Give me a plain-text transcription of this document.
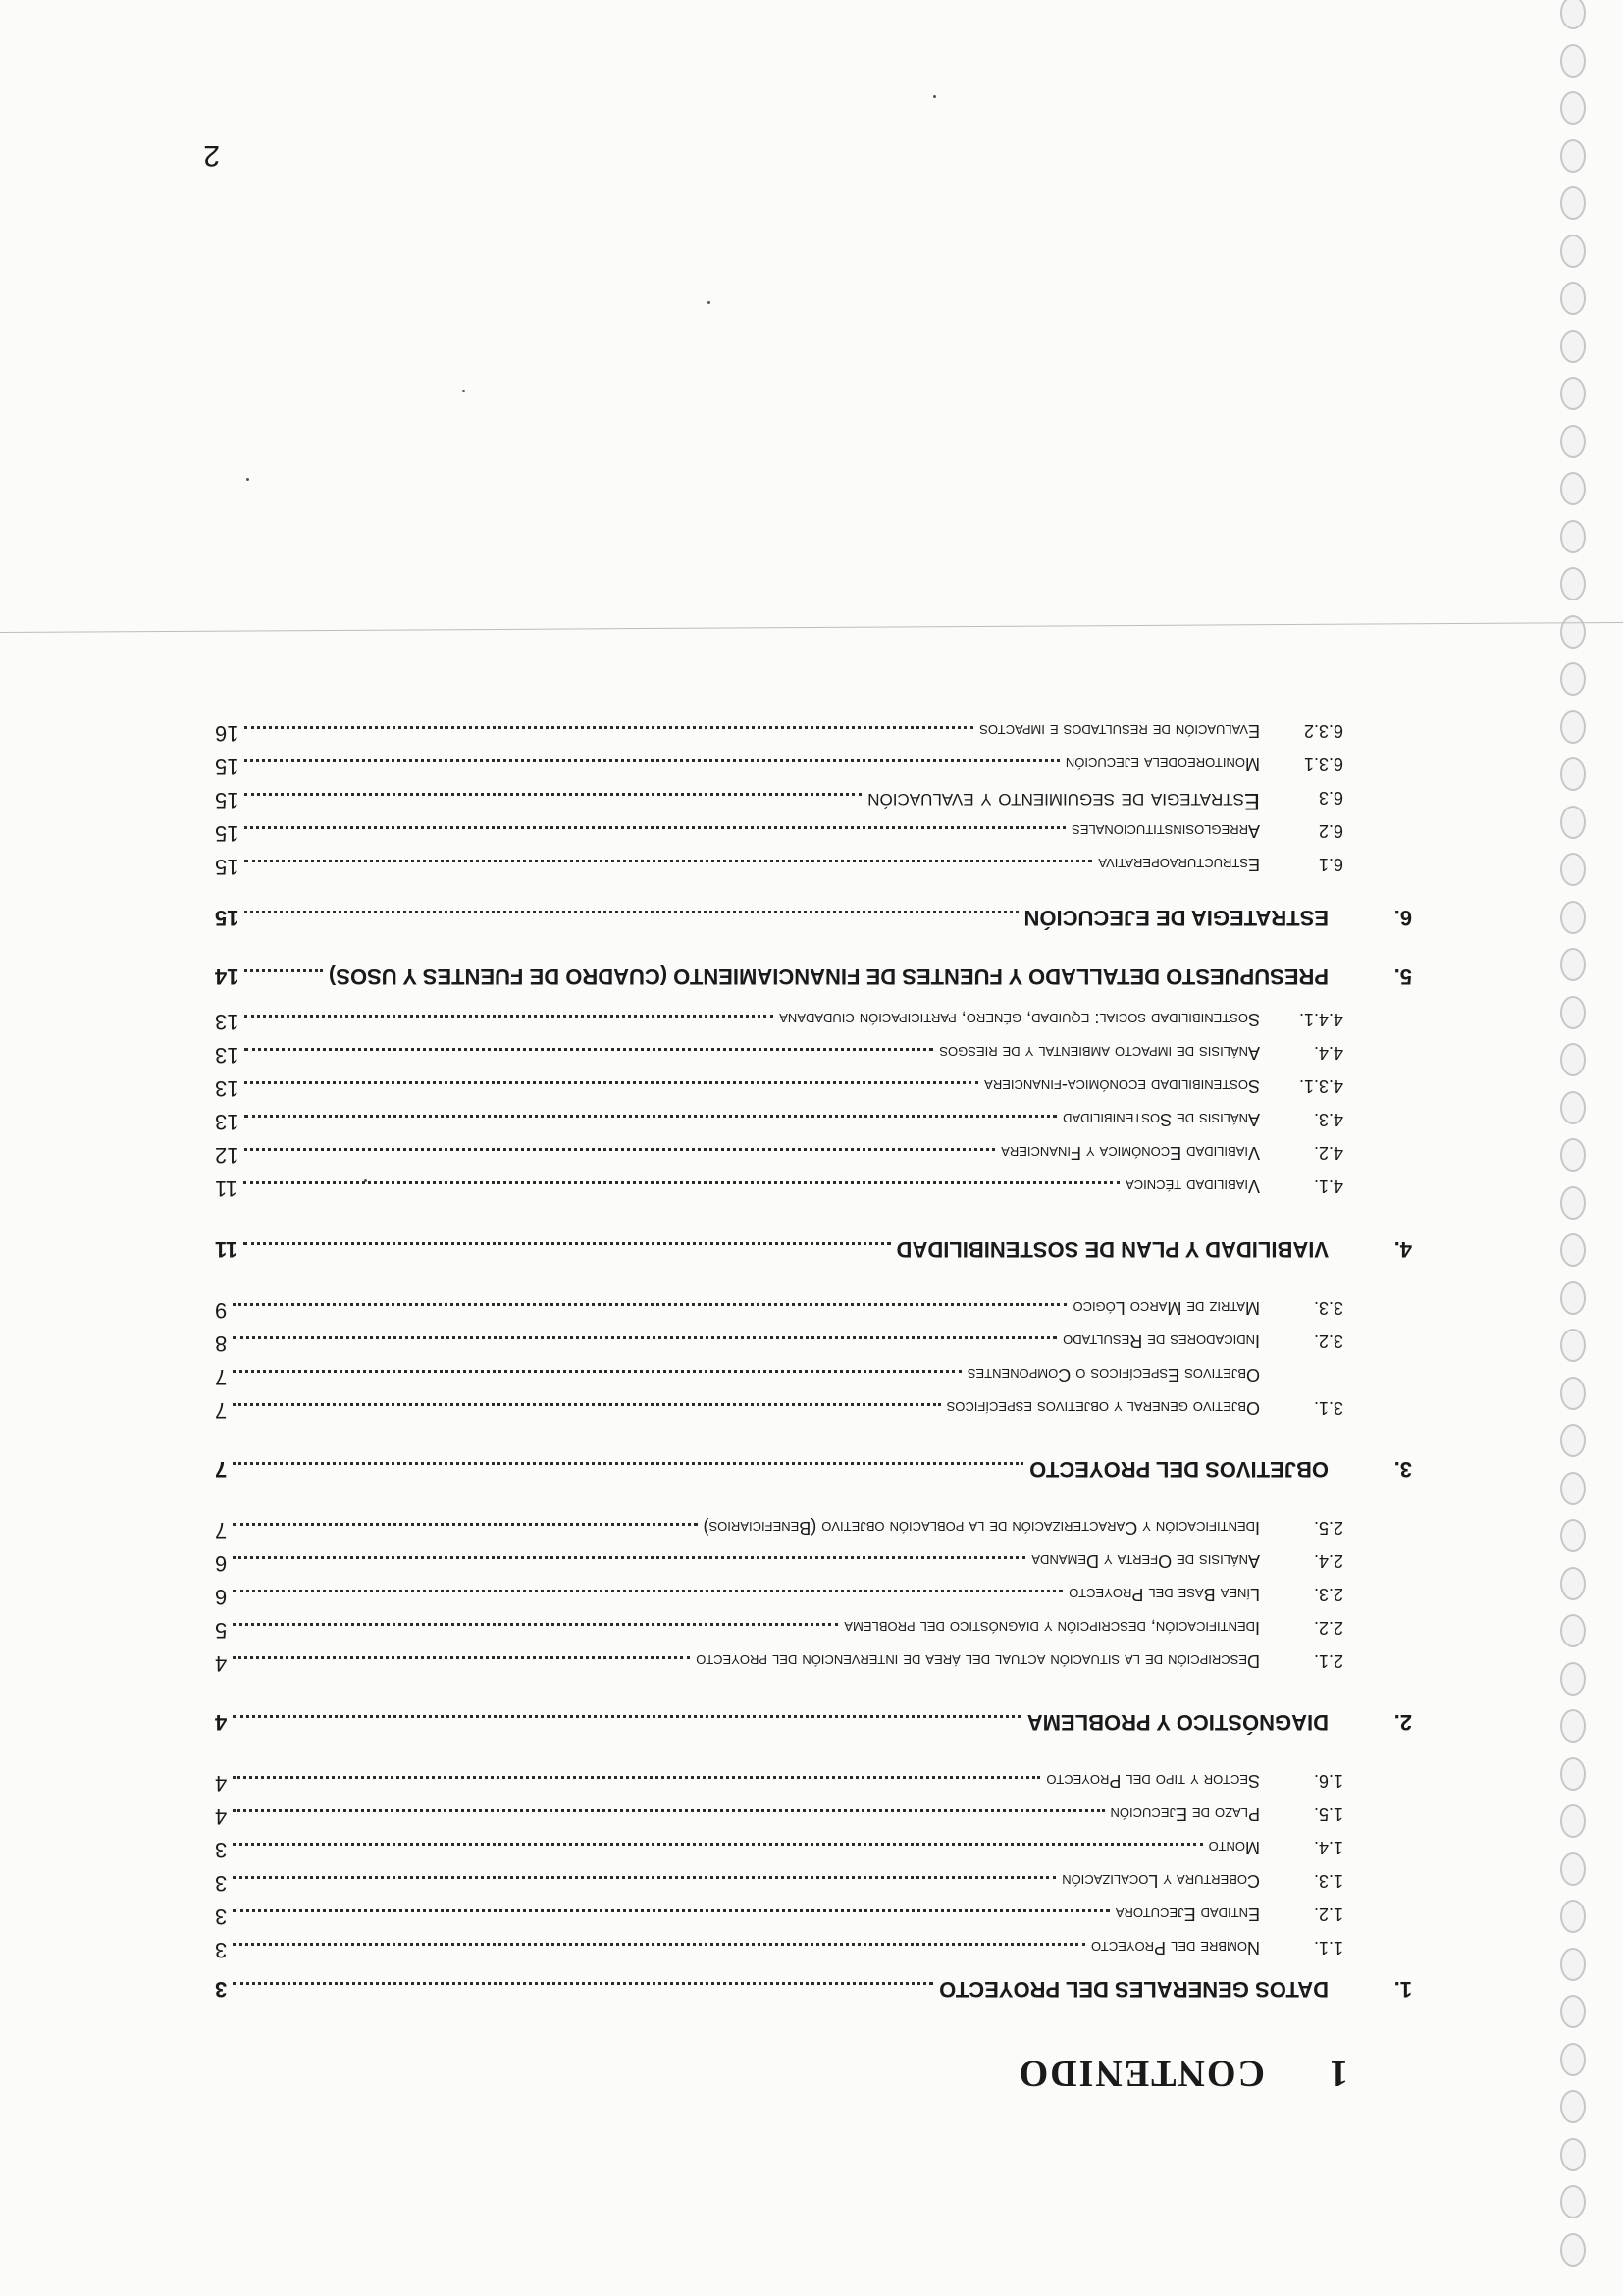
1CONTENIDO
1.
DATOS GENERALES DEL PROYECTO
3
1.1.
Nombre del Proyecto
3
1.2.
Entidad Ejecutora
3
1.3.
Cobertura y Localización
3
1.4.
Monto
3
1.5.
Plazo de Ejecución
4
1.6.
Sector y tipo del Proyecto
4
2.
DIAGNÓSTICO Y PROBLEMA
4
2.1.
Descripción de la situación actual del área de intervención del proyecto
4
2.2.
Identificación, descripción y diagnóstico del problema
5
2.3.
Línea Base del Proyecto
6
2.4.
Análisis de Oferta y Demanda
6
2.5.
Identificación y Caracterización de la población objetivo (Beneficiarios)
7
3.
OBJETIVOS DEL PROYECTO
7
3.1.
Objetivo general y objetivos específicos
7
Objetivos Específicos o Componentes
7
3.2.
Indicadores de Resultado
8
3.3.
Matriz de Marco Lógico
9
4.
VIABILIDAD Y PLAN DE SOSTENIBILIDAD
11
4.1.
Viabilidad técnica
11
4.2.
Viabilidad Económica y Financiera
12
4.3.
Análisis de Sostenibilidad
13
4.3.1.
Sostenibilidad económica-financiera
13
4.4.
Análisis de impacto ambiental y de riesgos
13
4.4.1.
Sostenibilidad social: equidad, género, participación ciudadana
13
5.
PRESUPUESTO DETALLADO Y FUENTES DE FINANCIAMIENTO (CUADRO DE FUENTES Y USOS)
14
6.
ESTRATEGIA DE EJECUCIÓN
15
6.1
Estructuraoperativa
15
6.2
Arreglosinstitucionales
15
6.3
Estrategia de seguimiento y evaluación
15
6.3.1
Monitoreodela ejecución
15
6.3.2
Evaluación de resultados e impactos
16
2
